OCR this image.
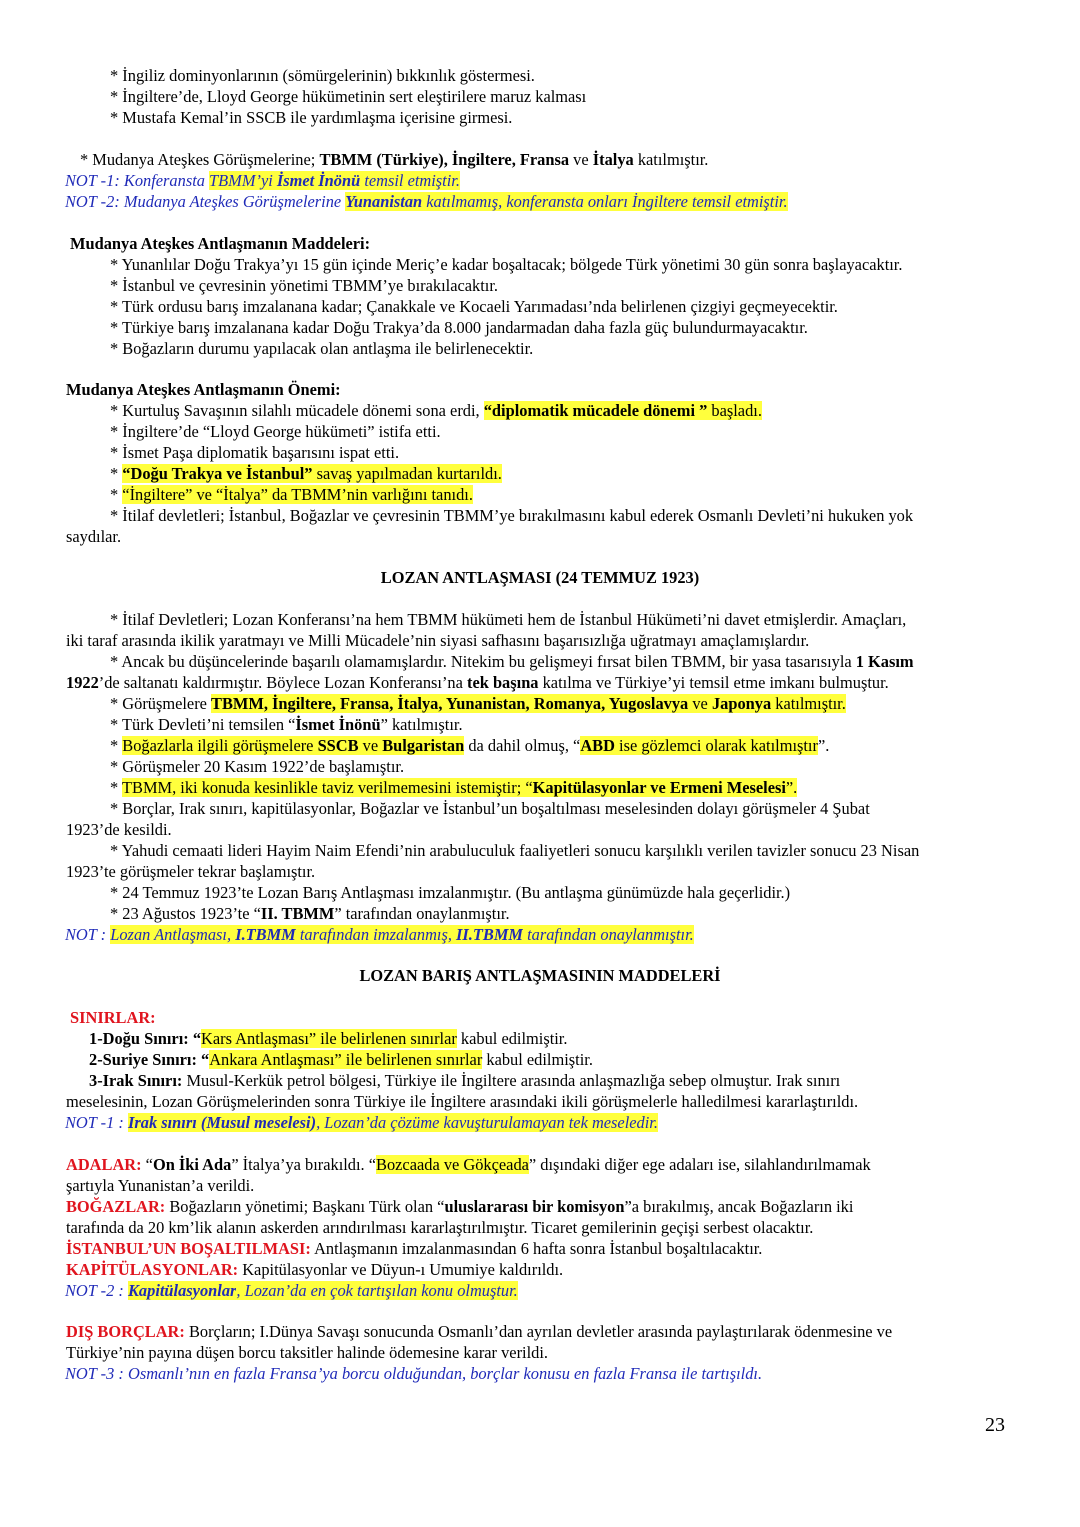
* İngiliz dominyonlarının (sömürgelerinin) bıkkınlık göstermesi.
* İngiltere’de, Lloyd George hükümetinin sert eleştirilere maruz kalması
* Mustafa Kemal’in SSCB ile yardımlaşma içerisine girmesi.
* Mudanya Ateşkes Görüşmelerine; TBMM (Türkiye), İngiltere, Fransa ve İtalya katılmıştır.
NOT -1: Konferansta TBMM’yi İsmet İnönü temsil etmiştir.
NOT -2: Mudanya Ateşkes Görüşmelerine Yunanistan katılmamış, konferansta onları İngiltere temsil etmiştir.
Mudanya Ateşkes Antlaşmanın Maddeleri:
* Yunanlılar Doğu Trakya’yı 15 gün içinde Meriç’e kadar boşaltacak; bölgede Türk yönetimi 30 gün sonra başlayacaktır.
* İstanbul ve çevresinin yönetimi TBMM’ye bırakılacaktır.
* Türk ordusu barış imzalanana kadar; Çanakkale ve Kocaeli Yarımadası’nda belirlenen çizgiyi geçmeyecektir.
* Türkiye barış imzalanana kadar Doğu Trakya’da 8.000 jandarmadan daha fazla güç bulundurmayacaktır.
* Boğazların durumu yapılacak olan antlaşma ile belirlenecektir.
Mudanya Ateşkes Antlaşmanın Önemi:
* Kurtuluş Savaşının silahlı mücadele dönemi sona erdi, “diplomatik mücadele dönemi ” başladı.
* İngiltere’de “Lloyd George hükümeti” istifa etti.
* İsmet Paşa diplomatik başarısını ispat etti.
* “Doğu Trakya ve İstanbul” savaş yapılmadan kurtarıldı.
* “İngiltere” ve “İtalya” da TBMM’nin varlığını tanıdı.
* İtilaf devletleri; İstanbul, Boğazlar ve çevresinin TBMM’ye bırakılmasını kabul ederek Osmanlı Devleti’ni hukuken yok
saydılar.
LOZAN ANTLAŞMASI (24 TEMMUZ 1923)
* İtilaf Devletleri; Lozan Konferansı’na hem TBMM hükümeti hem de İstanbul Hükümeti’ni davet etmişlerdir. Amaçları,
iki taraf arasında ikilik yaratmayı ve Milli Mücadele’nin siyasi safhasını başarısızlığa uğratmayı amaçlamışlardır.
* Ancak bu düşüncelerinde başarılı olamamışlardır. Nitekim bu gelişmeyi fırsat bilen TBMM, bir yasa tasarısıyla 1 Kasım
1922’de saltanatı kaldırmıştır. Böylece Lozan Konferansı’na tek başına katılma ve Türkiye’yi temsil etme imkanı bulmuştur.
* Görüşmelere TBMM, İngiltere, Fransa, İtalya, Yunanistan, Romanya, Yugoslavya ve Japonya katılmıştır.
* Türk Devleti’ni temsilen “İsmet İnönü” katılmıştır.
* Boğazlarla ilgili görüşmelere SSCB ve Bulgaristan da dahil olmuş, “ABD ise gözlemci olarak katılmıştır”.
* Görüşmeler 20 Kasım 1922’de başlamıştır.
* TBMM, iki konuda kesinlikle taviz verilmemesini istemiştir; “Kapitülasyonlar ve Ermeni Meselesi”.
* Borçlar, Irak sınırı, kapitülasyonlar, Boğazlar ve İstanbul’un boşaltılması meselesinden dolayı görüşmeler 4 Şubat
1923’de kesildi.
* Yahudi cemaati lideri Hayim Naim Efendi’nin arabuluculuk faaliyetleri sonucu karşılıklı verilen tavizler sonucu 23 Nisan
1923’te görüşmeler tekrar başlamıştır.
* 24 Temmuz 1923’te Lozan Barış Antlaşması imzalanmıştır. (Bu antlaşma günümüzde hala geçerlidir.)
* 23 Ağustos 1923’te “II. TBMM” tarafından onaylanmıştır.
NOT : Lozan Antlaşması, I.TBMM tarafından imzalanmış, II.TBMM tarafından onaylanmıştır.
LOZAN BARIŞ ANTLAŞMASININ MADDELERİ
SINIRLAR:
1-Doğu Sınırı: “Kars Antlaşması” ile belirlenen sınırlar kabul edilmiştir.
2-Suriye Sınırı: “Ankara Antlaşması” ile belirlenen sınırlar kabul edilmiştir.
3-Irak Sınırı: Musul-Kerkük petrol bölgesi, Türkiye ile İngiltere arasında anlaşmazlığa sebep olmuştur. Irak sınırı
meselesinin, Lozan Görüşmelerinden sonra Türkiye ile İngiltere arasındaki ikili görüşmelerle halledilmesi kararlaştırıldı.
NOT -1 : Irak sınırı (Musul meselesi), Lozan’da çözüme kavuşturulamayan tek meseledir.
ADALAR: “On İki Ada” İtalya’ya bırakıldı. “Bozcaada ve Gökçeada” dışındaki diğer ege adaları ise, silahlandırılmamak
şartıyla Yunanistan’a verildi.
BOĞAZLAR: Boğazların yönetimi; Başkanı Türk olan “uluslararası bir komisyon”a bırakılmış, ancak Boğazların iki
tarafında da 20 km’lik alanın askerden arındırılması kararlaştırılmıştır. Ticaret gemilerinin geçişi serbest olacaktır.
İSTANBUL’UN BOŞALTILMASI: Antlaşmanın imzalanmasından 6 hafta sonra İstanbul boşaltılacaktır.
KAPİTÜLASYONLAR: Kapitülasyonlar ve Düyun-ı Umumiye kaldırıldı.
NOT -2 : Kapitülasyonlar, Lozan’da en çok tartışılan konu olmuştur.
DIŞ BORÇLAR: Borçların; I.Dünya Savaşı sonucunda Osmanlı’dan ayrılan devletler arasında paylaştırılarak ödenmesine ve
Türkiye’nin payına düşen borcu taksitler halinde ödemesine karar verildi.
NOT -3 : Osmanlı’nın en fazla Fransa’ya borcu olduğundan, borçlar konusu en fazla Fransa ile tartışıldı.
23
